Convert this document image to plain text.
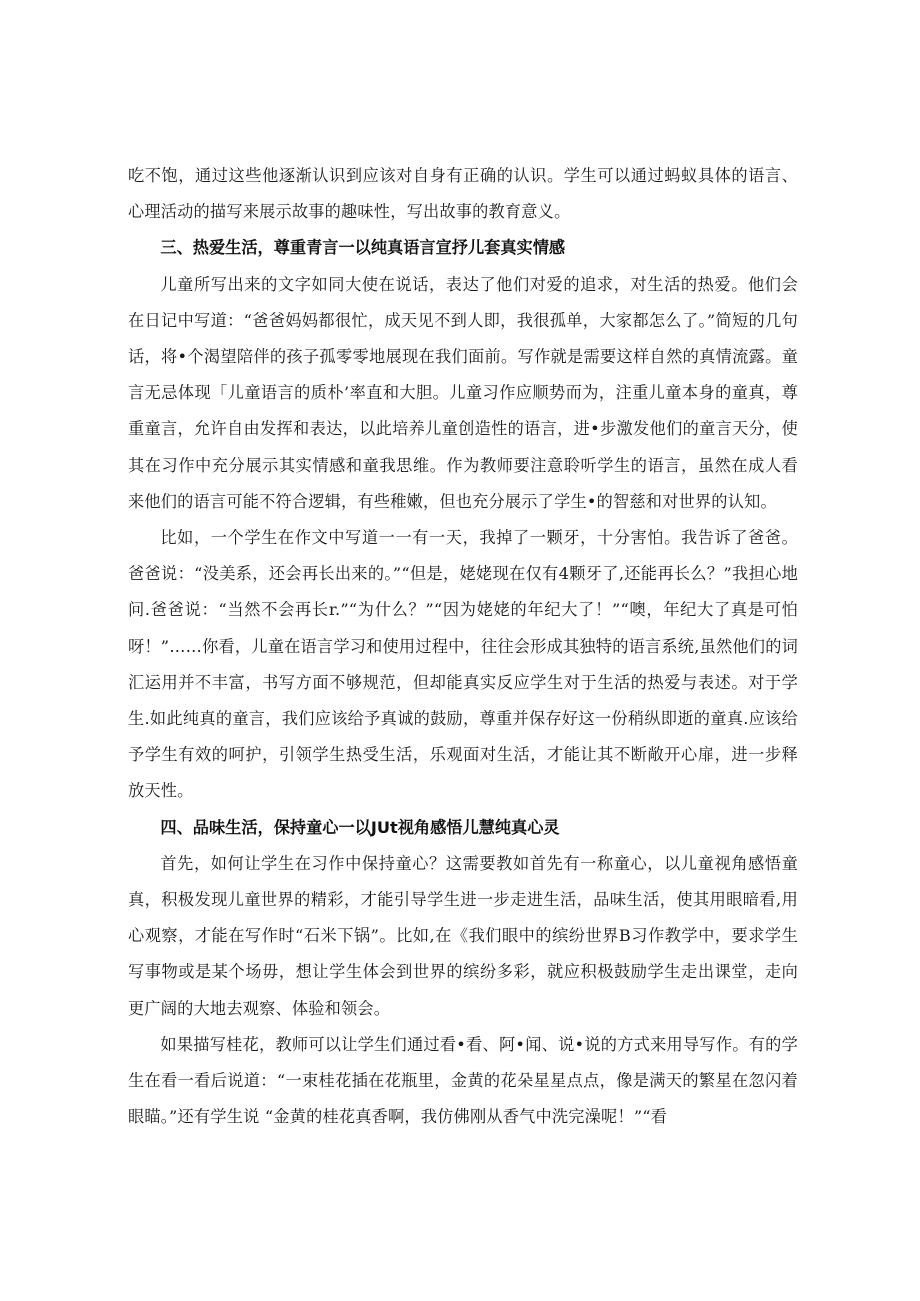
吃不饱，通过这些他逐渐认识到应该对自身有正确的认识。学生可以通过蚂蚁具体的语言、心理活动的描写来展示故事的趣味性，写出故事的教育意义。

三、热爱生活，尊重青言一以纯真语言宣抒儿套真实情感

儿童所写出来的文字如同大使在说话，表达了他们对爱的追求，对生活的热爱。他们会在日记中写道：“爸爸妈妈都很忙，成天见不到人即，我很孤单，大家都怎么了。”简短的几句话，将•个渴望陪伴的孩子孤零零地展现在我们面前。写作就是需要这样自然的真情流露。童言无忌体现「儿童语言的质朴’率直和大胆。儿童习作应顺势而为，注重儿童本身的童真，尊重童言，允许自由发挥和表达，以此培养儿童创造性的语言，进•步激发他们的童言天分，使其在习作中充分展示其实情感和童我思维。作为教师要注意聆听学生的语言，虽然在成人看来他们的语言可能不符合逻辑，有些稚嫩，但也充分展示了学生•的智慈和对世界的认知。

比如，一个学生在作文中写道一一有一天，我掉了一颗牙，十分害怕。我告诉了爸爸。爸爸说：“没美系，还会再长出来的。”“但是，姥姥现在仅有4颗牙了,还能再长么？”我担心地问.爸爸说：“当然不会再长r.”“为什么？”“因为姥姥的年纪大了！”“噢，年纪大了真是可怕呀！”……你看，儿童在语言学习和使用过程中，往往会形成其独特的语言系统,虽然他们的词汇运用并不丰富，书写方面不够规范，但却能真实反应学生对于生活的热爱与表述。对于学生.如此纯真的童言，我们应该给予真诚的鼓励，尊重并保存好这一份稍纵即逝的童真.应该给予学生有效的呵护，引领学生热受生活，乐观面对生活，才能让其不断敞开心扉，进一步释放天性。

四、品味生活，保持童心一以JUt视角感悟儿慧纯真心灵

首先，如何让学生在习作中保持童心？这需要教如首先有一称童心，以儿童视角感悟童真，积极发现儿童世界的精彩，才能引导学生进一步走进生活，品味生活，使其用眼暗看,用心观察，才能在写作时“石米下锅”。比如,在《我们眼中的缤纷世界B习作教学中，要求学生写事物或是某个场毋，想让学生体会到世界的缤纷多彩，就应积极鼓励学生走出课堂，走向更广阔的大地去观察、体验和领会。

如果描写桂花，教师可以让学生们通过看•看、阿•闻、说•说的方式来用导写作。有的学生在看一看后说道：“一束桂花插在花瓶里，金黄的花朵星星点点，像是满天的繁星在忽闪着眼瞄。”还有学生说 “金黄的桂花真香啊，我仿佛刚从香气中洗完澡呢！”“看
